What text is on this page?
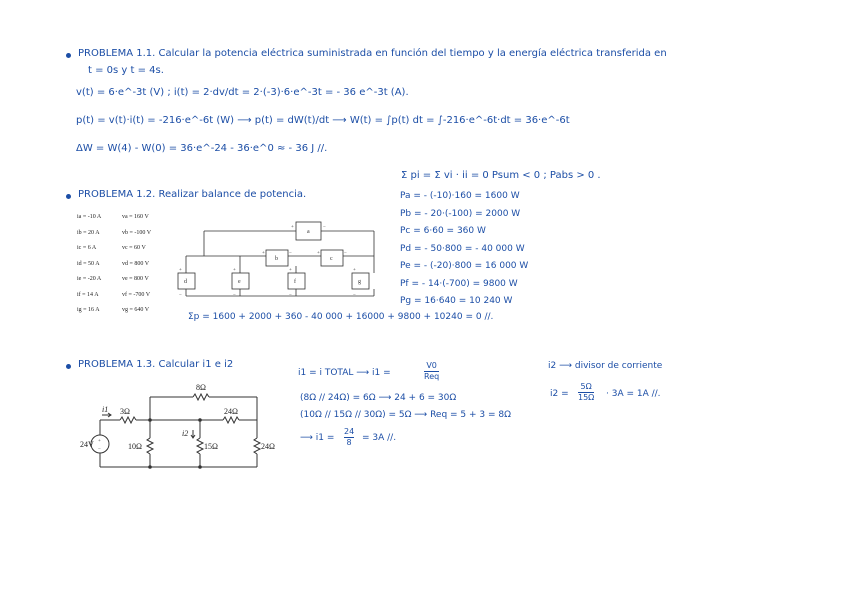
PROBLEMA 1.1. Calcular la potencia eléctrica suministrada en función del tiempo y la energía eléctrica transferida en
t = 0s y t = 4s.
v(t) = 6·e^-3t (V) ; i(t) = 2·dv/dt = 2·(-3)·6·e^-3t = - 36 e^-3t (A).
p(t) = v(t)·i(t) = -216·e^-6t (W) ⟶ p(t) = dW(t)/dt ⟶ W(t) = ∫p(t) dt = ∫-216·e^-6t·dt = 36·e^-6t
ΔW = W(4) - W(0) = 36·e^-24 - 36·e^0 ≈ - 36 J //.
PROBLEMA 1.2. Realizar balance de potencia.
Σ pi = Σ vi · ii = 0 Psum < 0 ; Pabs > 0 .
ia = -10 A	va = 160 V
ib = 20 A	vb = -100 V
ic = 6 A	vc = 60 V
id = 50 A	vd = 800 V
ie = -20 A	ve = 800 V
if = 14 A	vf = -700 V
ig = 16 A	vg = 640 V
a
b	c
d	e	f	g
+	−
+	−	+	−
+
−
+
−
+
−
+
−
Pa = - (-10)·160 = 1600 W
Pb = - 20·(-100) = 2000 W
Pc = 6·60 = 360 W
Pd = - 50·800 = - 40 000 W
Pe = - (-20)·800 = 16 000 W
Pf = - 14·(-700) = 9800 W
Pg = 16·640 = 10 240 W
Σp = 1600 + 2000 + 360 - 40 000 + 16000 + 9800 + 10240 = 0 //.
PROBLEMA 1.3. Calcular i1 e i2
+
−
8Ω
3Ω	24Ω
10Ω	15Ω	24Ω
24V
i1
i2
i1 = i TOTAL ⟶ i1 =
V0
Req
(8Ω // 24Ω) = 6Ω ⟶ 24 + 6 = 30Ω
(10Ω // 15Ω // 30Ω) = 5Ω ⟶ Req = 5 + 3 = 8Ω
⟶ i1 =
24
8 = 3A //.
i2 ⟶ divisor de corriente
i2 =
5Ω
15Ω · 3A = 1A //.
